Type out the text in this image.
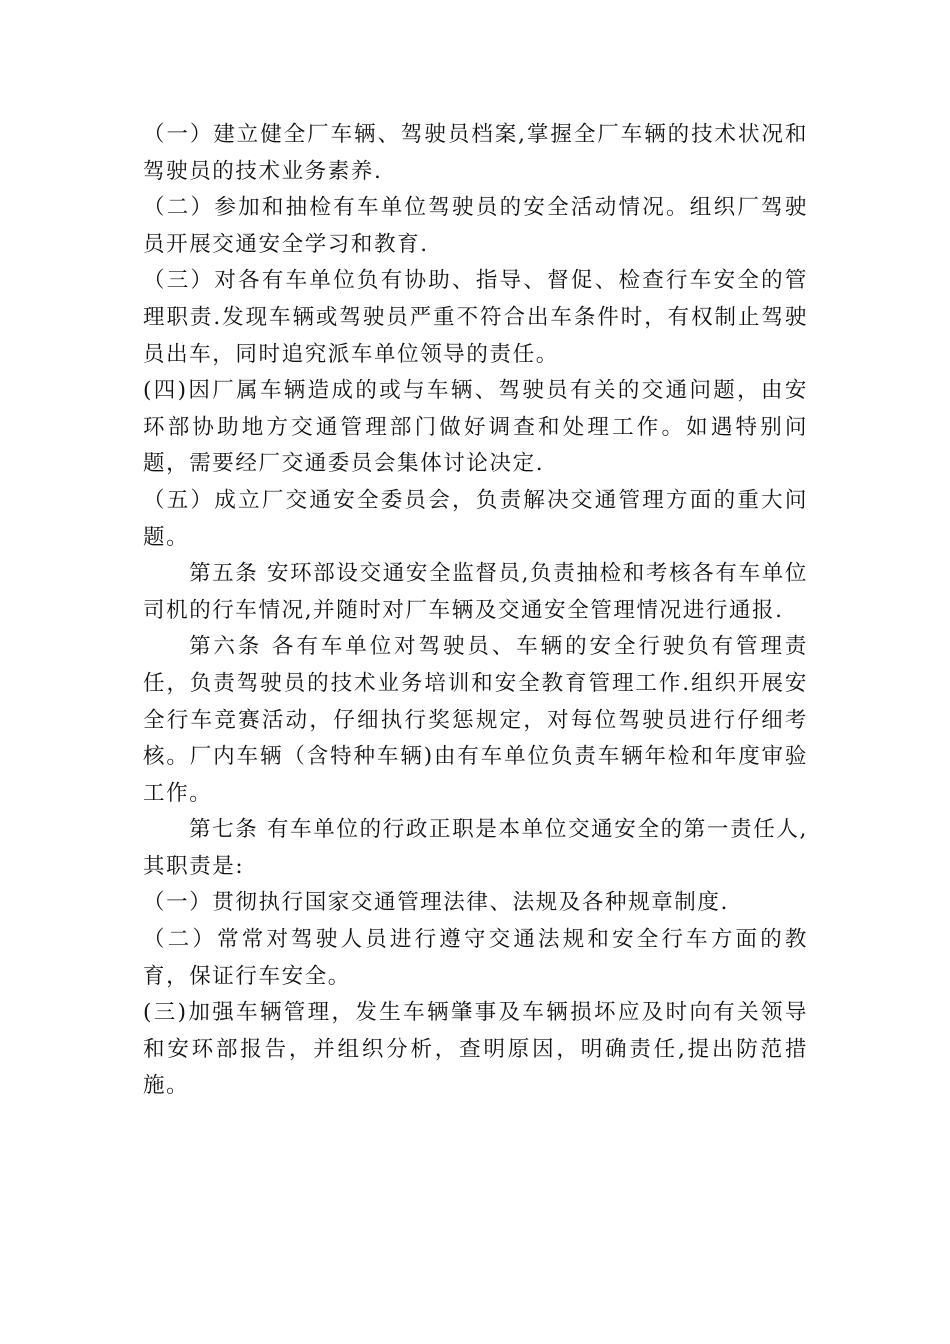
（一）建立健全厂车辆、驾驶员档案,掌握全厂车辆的技术状况和驾驶员的技术业务素养.

（二）参加和抽检有车单位驾驶员的安全活动情况。组织厂驾驶员开展交通安全学习和教育.

（三）对各有车单位负有协助、指导、督促、检查行车安全的管理职责.发现车辆或驾驶员严重不符合出车条件时，有权制止驾驶员出车，同时追究派车单位领导的责任。

(四)因厂属车辆造成的或与车辆、驾驶员有关的交通问题，由安环部协助地方交通管理部门做好调查和处理工作。如遇特别问题，需要经厂交通委员会集体讨论决定.

（五）成立厂交通安全委员会，负责解决交通管理方面的重大问题。

第五条 安环部设交通安全监督员,负责抽检和考核各有车单位司机的行车情况,并随时对厂车辆及交通安全管理情况进行通报.

第六条 各有车单位对驾驶员、车辆的安全行驶负有管理责任，负责驾驶员的技术业务培训和安全教育管理工作.组织开展安全行车竞赛活动，仔细执行奖惩规定，对每位驾驶员进行仔细考核。厂内车辆（含特种车辆)由有车单位负责车辆年检和年度审验工作。

第七条 有车单位的行政正职是本单位交通安全的第一责任人,其职责是:

（一）贯彻执行国家交通管理法律、法规及各种规章制度.

（二）常常对驾驶人员进行遵守交通法规和安全行车方面的教育，保证行车安全。

(三)加强车辆管理，发生车辆肇事及车辆损坏应及时向有关领导和安环部报告，并组织分析，查明原因，明确责任,提出防范措施。
